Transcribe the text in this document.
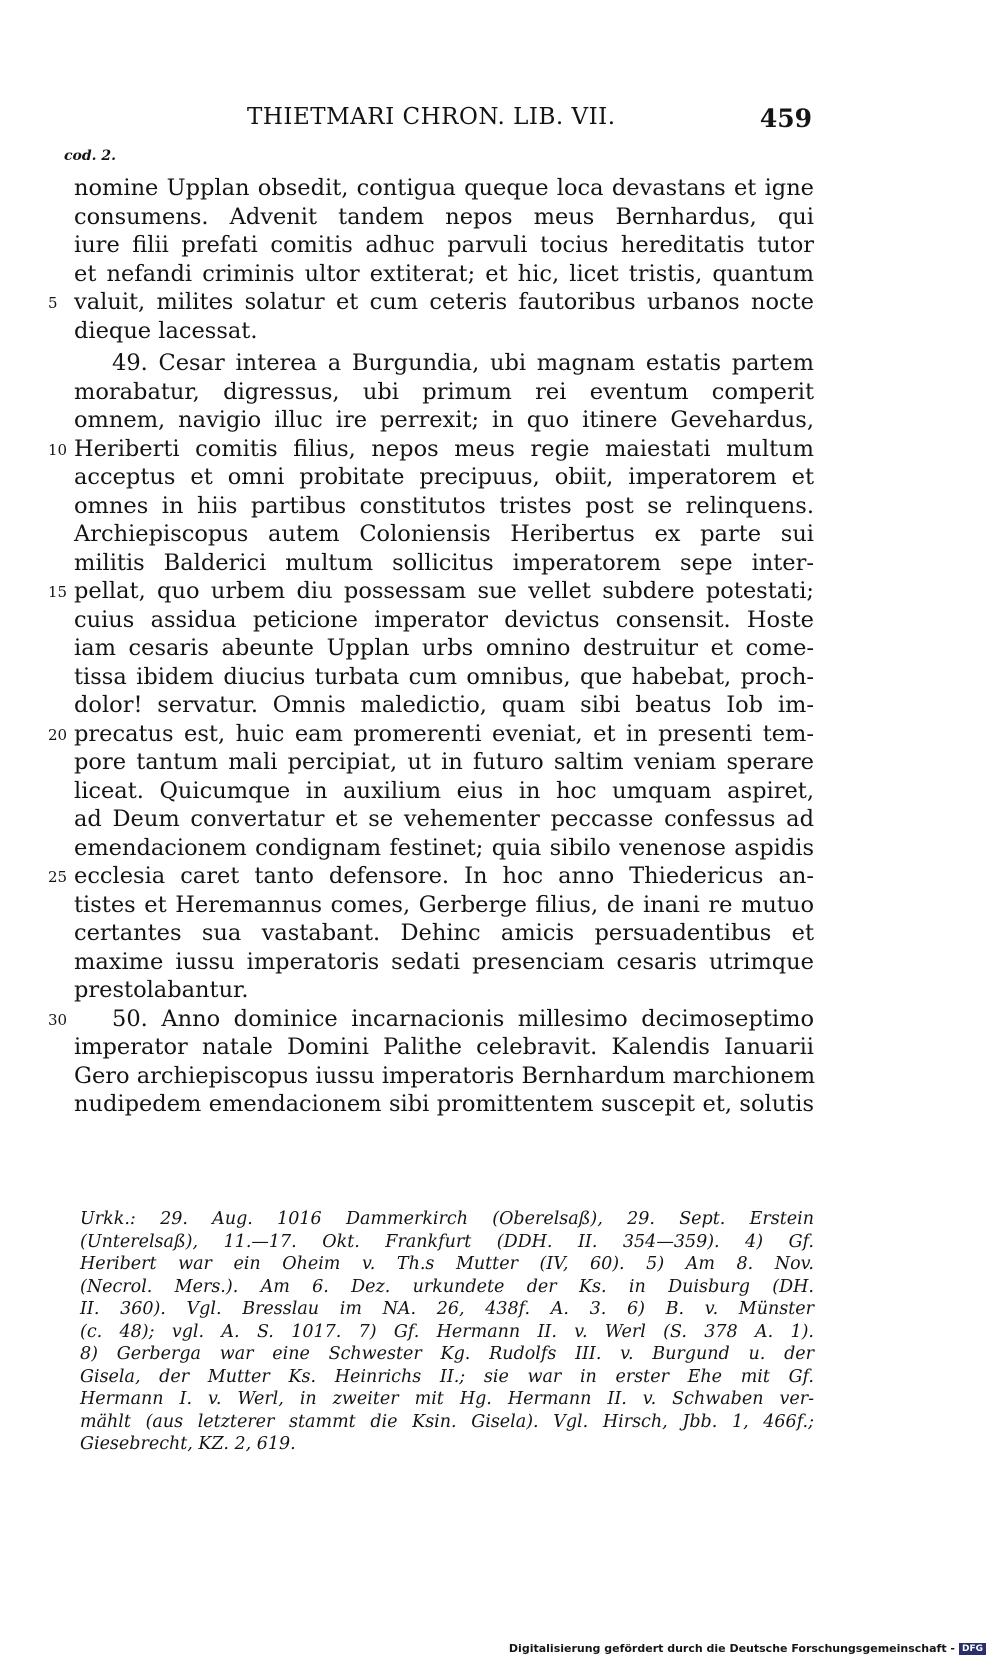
THIETMARI CHRON. LIB. VII.	459
cod. 2.
nomine Upplan obsedit, contigua queque loca devastans et igne
consumens. Advenit tandem nepos meus Bernhardus, qui
iure filii prefati comitis adhuc parvuli tocius hereditatis tutor
et nefandi criminis ultor extiterat; et hic, licet tristis, quantum
5 valuit, milites solatur et cum ceteris fautoribus urbanos nocte
dieque lacessat.
49. Cesar interea a Burgundia, ubi magnam estatis partem
morabatur, digressus, ubi primum rei eventum comperit
omnem, navigio illuc ire perrexit; in quo itinere Gevehardus,
10 Heriberti comitis filius, nepos meus regie maiestati multum
acceptus et omni probitate precipuus, obiit, imperatorem et
omnes in hiis partibus constitutos tristes post se relinquens.
Archiepiscopus autem Coloniensis Heribertus ex parte sui
militis Balderici multum sollicitus imperatorem sepe inter-
15 pellat, quo urbem diu possessam sue vellet subdere potestati;
cuius assidua peticione imperator devictus consensit. Hoste
iam cesaris abeunte Upplan urbs omnino destruitur et come-
tissa ibidem diucius turbata cum omnibus, que habebat, proch-
dolor! servatur. Omnis maledictio, quam sibi beatus Iob im-
20 precatus est, huic eam promerenti eveniat, et in presenti tem-
pore tantum mali percipiat, ut in futuro saltim veniam sperare
liceat. Quicumque in auxilium eius in hoc umquam aspiret,
ad Deum convertatur et se vehementer peccasse confessus ad
emendacionem condignam festinet; quia sibilo venenose aspidis
25 ecclesia caret tanto defensore. In hoc anno Thiedericus an-
tistes et Heremannus comes, Gerberge filius, de inani re mutuo
certantes sua vastabant. Dehinc amicis persuadentibus et
maxime iussu imperatoris sedati presenciam cesaris utrimque
prestolabantur.
30 50. Anno dominice incarnacionis millesimo decimoseptimo
imperator natale Domini Palithe celebravit. Kalendis Ianuarii
Gero archiepiscopus iussu imperatoris Bernhardum marchionem
nudipedem emendacionem sibi promittentem suscepit et, solutis
Urkk.: 29. Aug. 1016 Dammerkirch (Oberelsaß), 29. Sept. Erstein
(Unterelsaß), 11.—17. Okt. Frankfurt (DDH. II. 354—359). 4) Gf.
Heribert war ein Oheim v. Th.s Mutter (IV, 60). 5) Am 8. Nov.
(Necrol. Mers.). Am 6. Dez. urkundete der Ks. in Duisburg (DH.
II. 360). Vgl. Bresslau im NA. 26, 438f. A. 3. 6) B. v. Münster
(c. 48); vgl. A. S. 1017. 7) Gf. Hermann II. v. Werl (S. 378 A. 1).
8) Gerberga war eine Schwester Kg. Rudolfs III. v. Burgund u. der
Gisela, der Mutter Ks. Heinrichs II.; sie war in erster Ehe mit Gf.
Hermann I. v. Werl, in zweiter mit Hg. Hermann II. v. Schwaben ver-
mählt (aus letzterer stammt die Ksin. Gisela). Vgl. Hirsch, Jbb. 1, 466f.;
Giesebrecht, KZ. 2, 619.
Digitalisierung gefördert durch die Deutsche Forschungsgemeinschaft - DFG
